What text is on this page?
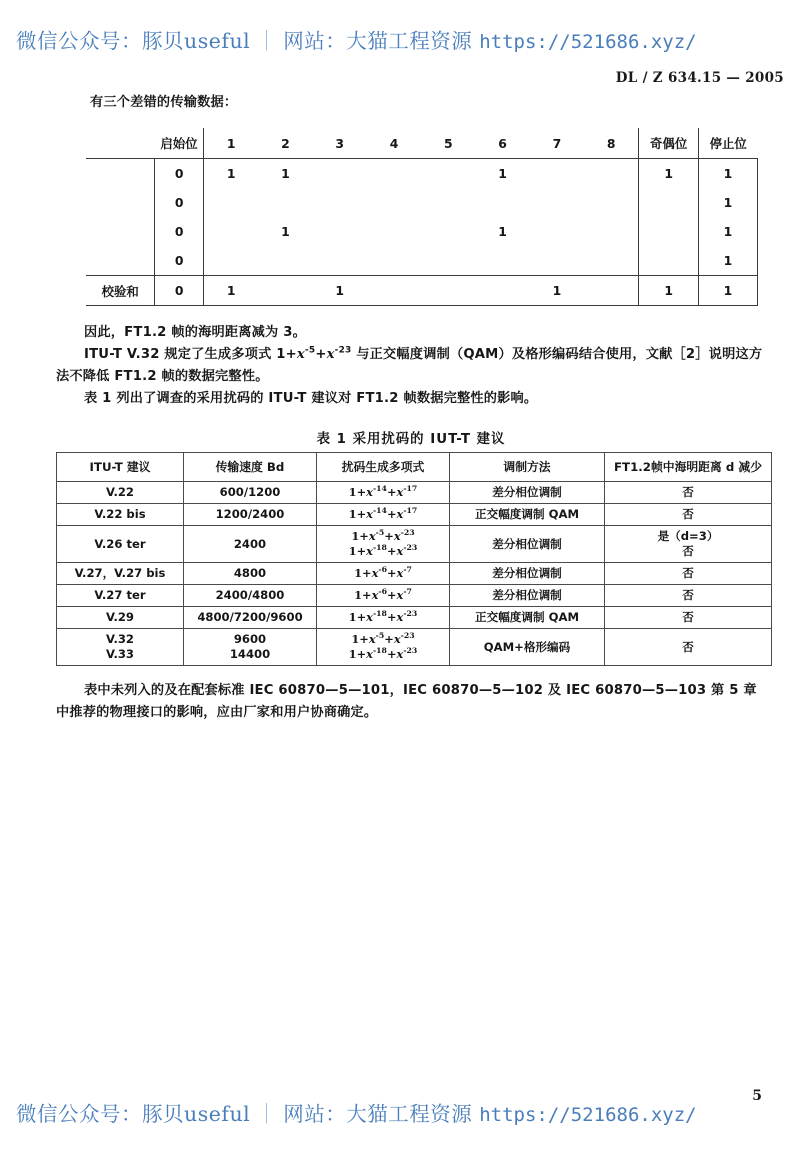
微信公众号：豚贝useful ｜ 网站：大猫工程资源 https://521686.xyz/
DL / Z 634.15 — 2005

有三个差错的传输数据：

	启始位	1	2	3	4	5	6	7	8	奇偶位	停止位
	0	1	1				1			1	1
	0										1
	0		1				1				1
	0										1
校验和	0	1		1				1		1	1

因此，FT1.2 帧的海明距离减为 3。

ITU-T V.32 规定了生成多项式 $1+x^{-5}+x^{-23}$ 与正交幅度调制（QAM）及格形编码结合使用，文献［2］说明这方法不降低 FT1.2 帧的数据完整性。

表 1 列出了调查的采用扰码的 ITU-T 建议对 FT1.2 帧数据完整性的影响。

表 1 采用扰码的 IUT-T 建议
ITU-T 建议	传输速度 Bd	扰码生成多项式	调制方法	FT1.2帧中海明距离 d 减少
V.22	600/1200	$1+x^{-14}+x^{-17}$	差分相位调制	否
V.22 bis	1200/2400	$1+x^{-14}+x^{-17}$	正交幅度调制 QAM	否
V.26 ter	2400	$1+x^{-5}+x^{-23}$
$1+x^{-18}+x^{-23}$	差分相位调制	是（d=3）
否

V.27，V.27 bis	4800	$1+x^{-6}+x^{-7}$	差分相位调制	否
V.27 ter	2400/4800	$1+x^{-6}+x^{-7}$	差分相位调制	否
V.29	4800/7200/9600	$1+x^{-18}+x^{-23}$	正交幅度调制 QAM	否

V.32
V.33	9600
14400	$1+x^{-5}+x^{-23}$
$1+x^{-18}+x^{-23}$	QAM+格形编码	否

表中未列入的及在配套标准 IEC 60870—5—101，IEC 60870—5—102 及 IEC 60870—5—103 第 5 章

中推荐的物理接口的影响，应由厂家和用户协商确定。

5
微信公众号：豚贝useful ｜ 网站：大猫工程资源 https://521686.xyz/
